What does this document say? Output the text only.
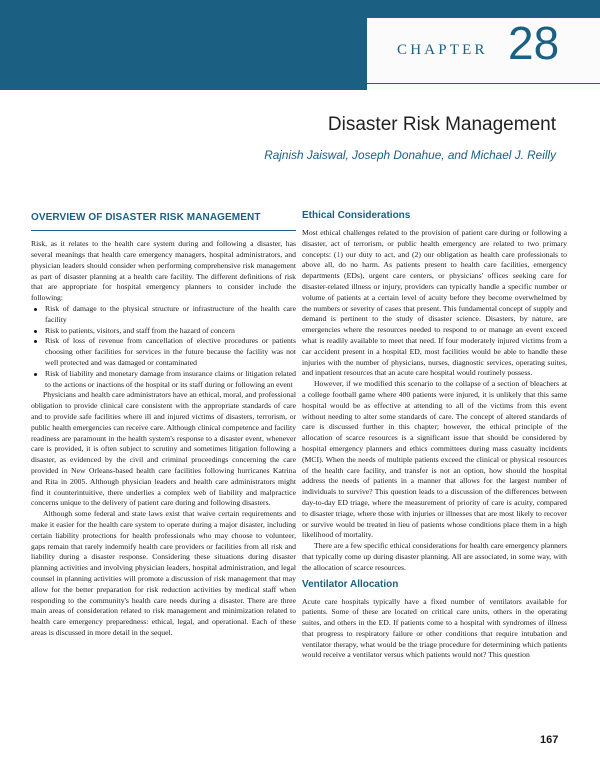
CHAPTER 28
Disaster Risk Management
Rajnish Jaiswal, Joseph Donahue, and Michael J. Reilly
OVERVIEW OF DISASTER RISK MANAGEMENT

Risk, as it relates to the health care system during and following a disaster, has several meanings that health care emergency managers, hospital administrators, and physician leaders should consider when performing comprehensive risk management as part of disaster planning at a health care facility. The different definitions of risk that are appropriate for hospital emergency planners to consider include the following:

Risk of damage to the physical structure or infrastructure of the health care facility
Risk to patients, visitors, and staff from the hazard of concern
Risk of loss of revenue from cancellation of elective procedures or patients choosing other facilities for services in the future because the facility was not well protected and was damaged or contaminated
Risk of liability and monetary damage from insurance claims or litigation related to the actions or inactions of the hospital or its staff during or following an event

Physicians and health care administrators have an ethical, moral, and professional obligation to provide clinical care consistent with the appropriate standards of care and to provide safe facilities where ill and injured victims of disasters, terrorism, or public health emergencies can receive care. Although clinical competence and facility readiness are paramount in the health system's response to a disaster event, whenever care is provided, it is often subject to scrutiny and sometimes litigation following a disaster, as evidenced by the civil and criminal proceedings concerning the care provided in New Orleans-based health care facilities following hurricanes Katrina and Rita in 2005. Although physician leaders and health care administrators might find it counterintuitive, there underlies a complex web of liability and malpractice concerns unique to the delivery of patient care during and following disasters.

Although some federal and state laws exist that waive certain requirements and make it easier for the health care system to operate during a major disaster, including certain liability protections for health professionals who may choose to volunteer, gaps remain that rarely indemnify health care providers or facilities from all risk and liability during a disaster response. Considering these situations during disaster planning activities and involving physician leaders, hospital administration, and legal counsel in planning activities will promote a discussion of risk management that may allow for the better preparation for risk reduction activities by medical staff when responding to the community's health care needs during a disaster. There are three main areas of consideration related to risk management and minimization related to health care emergency preparedness: ethical, legal, and operational. Each of these areas is discussed in more detail in the sequel.

Ethical Considerations

Most ethical challenges related to the provision of patient care during or following a disaster, act of terrorism, or public health emergency are related to two primary concepts: (1) our duty to act, and (2) our obligation as health care professionals to above all, do no harm. As patients present to health care facilities, emergency departments (EDs), urgent care centers, or physicians' offices seeking care for disaster-related illness or injury, providers can typically handle a specific number or volume of patients at a certain level of acuity before they become overwhelmed by the numbers or severity of cases that present. This fundamental concept of supply and demand is pertinent to the study of disaster science. Disasters, by nature, are emergencies where the resources needed to respond to or manage an event exceed what is readily available to meet that need. If four moderately injured victims from a car accident present in a hospital ED, most facilities would be able to handle these injuries with the number of physicians, nurses, diagnostic services, operating suites, and inpatient resources that an acute care hospital would routinely possess.

However, if we modified this scenario to the collapse of a section of bleachers at a college football game where 400 patients were injured, it is unlikely that this same hospital would be as effective at attending to all of the victims from this event without needing to alter some standards of care. The concept of altered standards of care is discussed further in this chapter; however, the ethical principle of the allocation of scarce resources is a significant issue that should be considered by hospital emergency planners and ethics committees during mass casualty incidents (MCI). When the needs of multiple patients exceed the clinical or physical resources of the health care facility, and transfer is not an option, how should the hospital address the needs of patients in a manner that allows for the largest number of individuals to survive? This question leads to a discussion of the differences between day-to-day ED triage, where the measurement of priority of care is acuity, compared to disaster triage, where those with injuries or illnesses that are most likely to recover or survive would be treated in lieu of patients whose conditions place them in a high likelihood of mortality.

There are a few specific ethical considerations for health care emergency planners that typically come up during disaster planning. All are associated, in some way, with the allocation of scarce resources.

Ventilator Allocation

Acute care hospitals typically have a fixed number of ventilators available for patients. Some of these are located on critical care units, others in the operating suites, and others in the ED. If patients come to a hospital with syndromes of illness that progress to respiratory failure or other conditions that require intubation and ventilator therapy, what would be the triage procedure for determining which patients would receive a ventilator versus which patients would not? This question

167
